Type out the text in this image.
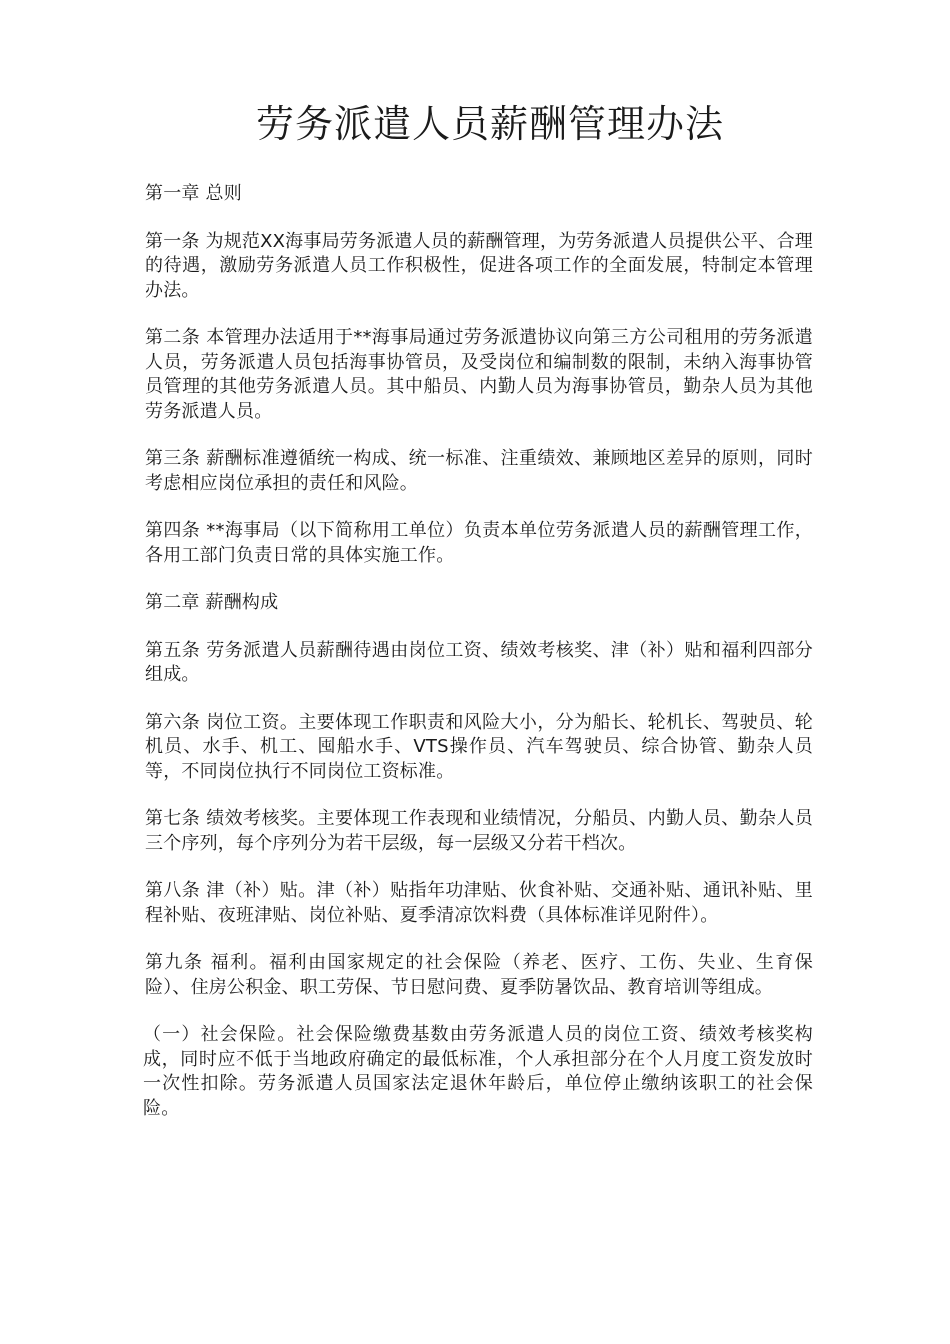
劳务派遣人员薪酬管理办法

第一章 总则

第一条 为规范XX海事局劳务派遣人员的薪酬管理，为劳务派遣人员提供公平、合理的待遇，激励劳务派遣人员工作积极性，促进各项工作的全面发展，特制定本管理办法。

第二条 本管理办法适用于**海事局通过劳务派遣协议向第三方公司租用的劳务派遣人员，劳务派遣人员包括海事协管员，及受岗位和编制数的限制，未纳入海事协管员管理的其他劳务派遣人员。其中船员、内勤人员为海事协管员，勤杂人员为其他劳务派遣人员。

第三条 薪酬标准遵循统一构成、统一标准、注重绩效、兼顾地区差异的原则，同时考虑相应岗位承担的责任和风险。

第四条 **海事局（以下简称用工单位）负责本单位劳务派遣人员的薪酬管理工作，各用工部门负责日常的具体实施工作。

第二章 薪酬构成

第五条 劳务派遣人员薪酬待遇由岗位工资、绩效考核奖、津（补）贴和福利四部分组成。

第六条 岗位工资。主要体现工作职责和风险大小，分为船长、轮机长、驾驶员、轮机员、水手、机工、囤船水手、VTS操作员、汽车驾驶员、综合协管、勤杂人员等，不同岗位执行不同岗位工资标准。

第七条 绩效考核奖。主要体现工作表现和业绩情况，分船员、内勤人员、勤杂人员三个序列，每个序列分为若干层级，每一层级又分若干档次。

第八条 津（补）贴。津（补）贴指年功津贴、伙食补贴、交通补贴、通讯补贴、里程补贴、夜班津贴、岗位补贴、夏季清凉饮料费（具体标准详见附件）。

第九条 福利。福利由国家规定的社会保险（养老、医疗、工伤、失业、生育保险）、住房公积金、职工劳保、节日慰问费、夏季防暑饮品、教育培训等组成。

（一）社会保险。社会保险缴费基数由劳务派遣人员的岗位工资、绩效考核奖构成，同时应不低于当地政府确定的最低标准，个人承担部分在个人月度工资发放时一次性扣除。劳务派遣人员国家法定退休年龄后，单位停止缴纳该职工的社会保险。
